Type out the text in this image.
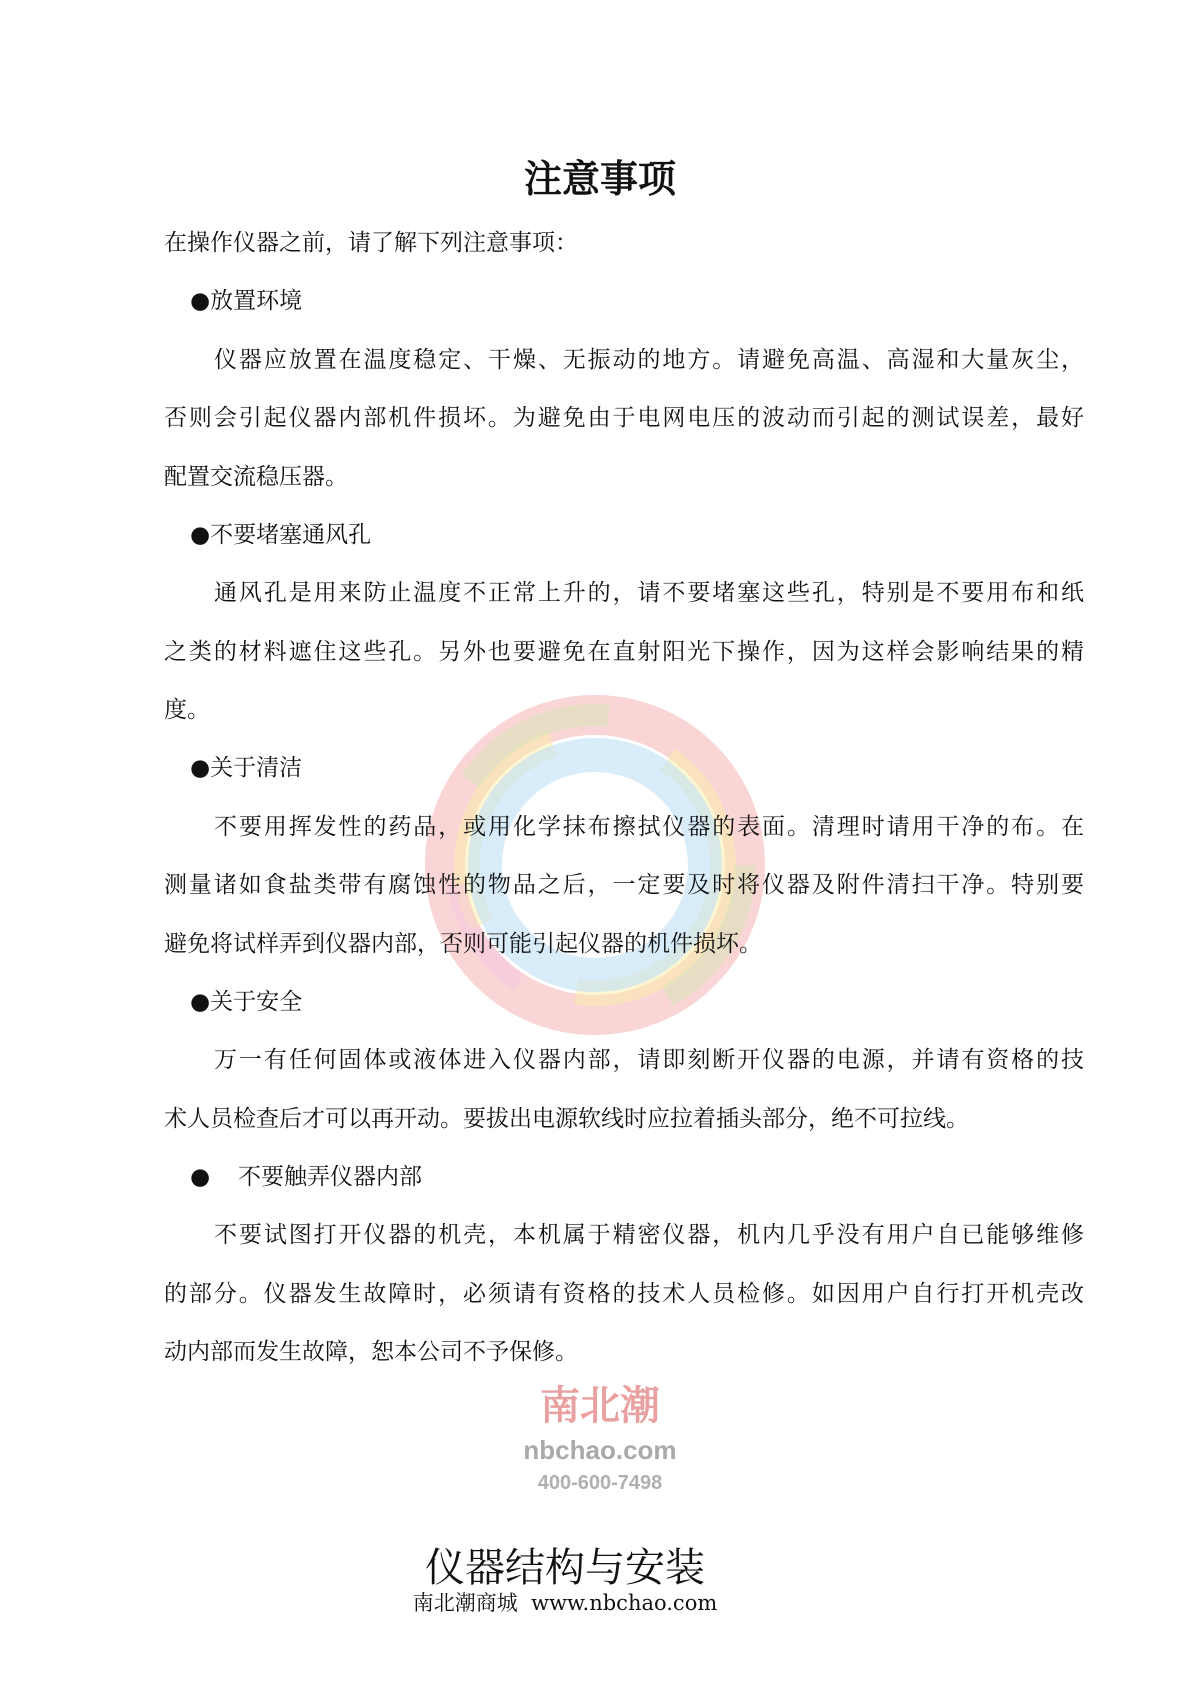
南北潮
nbchao.com
400-600-7498
注意事项
在操作仪器之前，请了解下列注意事项：
●放置环境
仪器应放置在温度稳定、干燥、无振动的地方。请避免高温、高湿和大量灰尘，
否则会引起仪器内部机件损坏。为避免由于电网电压的波动而引起的测试误差，最好
配置交流稳压器。
●不要堵塞通风孔
通风孔是用来防止温度不正常上升的，请不要堵塞这些孔，特别是不要用布和纸
之类的材料遮住这些孔。另外也要避免在直射阳光下操作，因为这样会影响结果的精
度。
●关于清洁
不要用挥发性的药品，或用化学抹布擦拭仪器的表面。清理时请用干净的布。在
测量诸如食盐类带有腐蚀性的物品之后，一定要及时将仪器及附件清扫干净。特别要
避免将试样弄到仪器内部，否则可能引起仪器的机件损坏。
●关于安全
万一有任何固体或液体进入仪器内部，请即刻断开仪器的电源，并请有资格的技
术人员检查后才可以再开动。要拔出电源软线时应拉着插头部分，绝不可拉线。
● 不要触弄仪器内部
不要试图打开仪器的机壳，本机属于精密仪器，机内几乎没有用户自已能够维修
的部分。仪器发生故障时，必须请有资格的技术人员检修。如因用户自行打开机壳改
动内部而发生故障，恕本公司不予保修。
仪器结构与安装
南北潮商城  www.nbchao.com
